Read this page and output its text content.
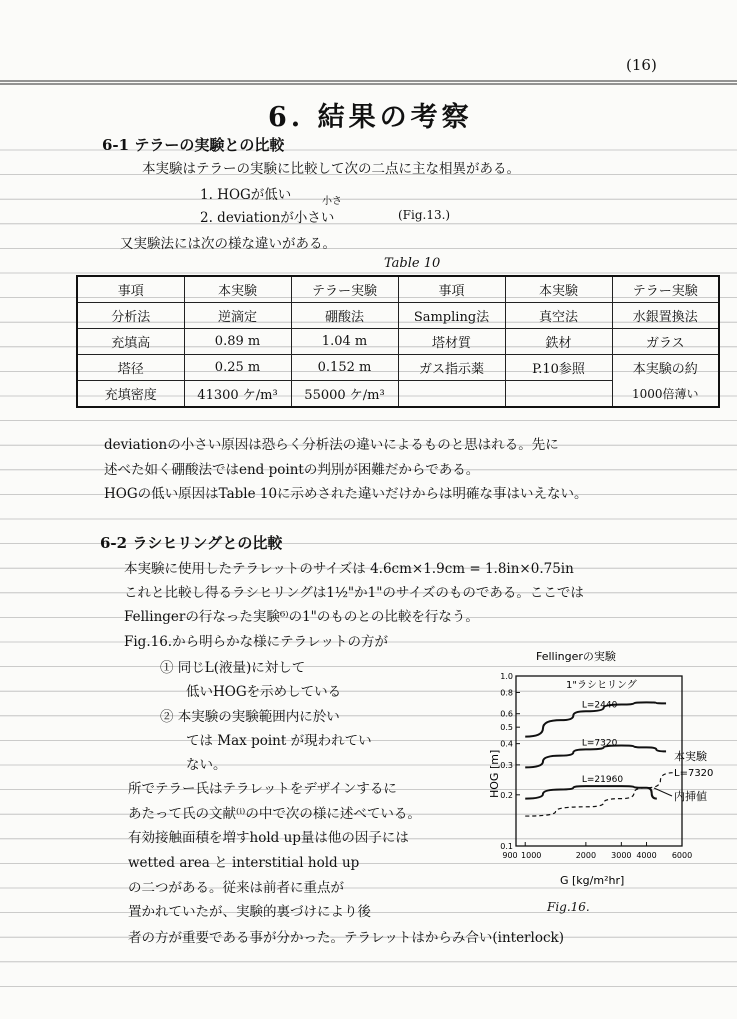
(16)
6. 結果の考察
6-1 テラーの実験との比較
本実験はテラーの実験に比較して次の二点に主な相異がある。
1. HOGが低い	小さ
2. deviationが小さい	(Fig.13.)
又実験法には次の様な違いがある。
Table 10
事項	本実験	テラー実験	事項	本実験	テラー実験
分析法	逆滴定	硼酸法	Sampling法	真空法	水銀置換法
充填高	0.89 m	1.04 m	塔材質	鉄材	ガラス
塔径	0.25 m	0.152 m	ガス指示薬	P.10参照	本実験の約
充填密度	41300 ケ/m³	55000 ケ/m³			1000倍薄い
deviationの小さい原因は恐らく分析法の違いによるものと思はれる。先に
述べた如く硼酸法ではend pointの判別が困難だからである。
HOGの低い原因はTable 10に示めされた違いだけからは明確な事はいえない。
6-2 ラシヒリングとの比較
本実験に使用したテラレットのサイズは 4.6cm×1.9cm = 1.8in×0.75in
これと比較し得るラシヒリングは1½"か1"のサイズのものである。ここでは
Fellingerの行なった実験⁶⁾の1"のものとの比較を行なう。
Fig.16.から明らかな様にテラレットの方が
① 同じL(液量)に対して
低いHOGを示めしている
② 本実験の実験範囲内に於い
ては Max point が現われてい
ない。
所でテラー氏はテラレットをデザインするに
あたって氏の文献⁽ⁱ⁾の中で次の様に述べている。
有効接触面積を増すhold up量は他の因子には
wetted area と interstitial hold up
の二つがある。従来は前者に重点が
置かれていたが、実験的裏づけにより後
者の方が重要である事が分かった。テラレットはからみ合い(interlock)
Fellingerの実験
1.0
0.8
0.6
0.5
0.4
0.3
0.2
0.1
900 1000	2000 3000 4000 6000
L=2440
L=7320
L=21960
HOG [m]
G [kg/m²hr]
1"ラシヒリング
本実験
L=7320
内挿値
Fig.16.
